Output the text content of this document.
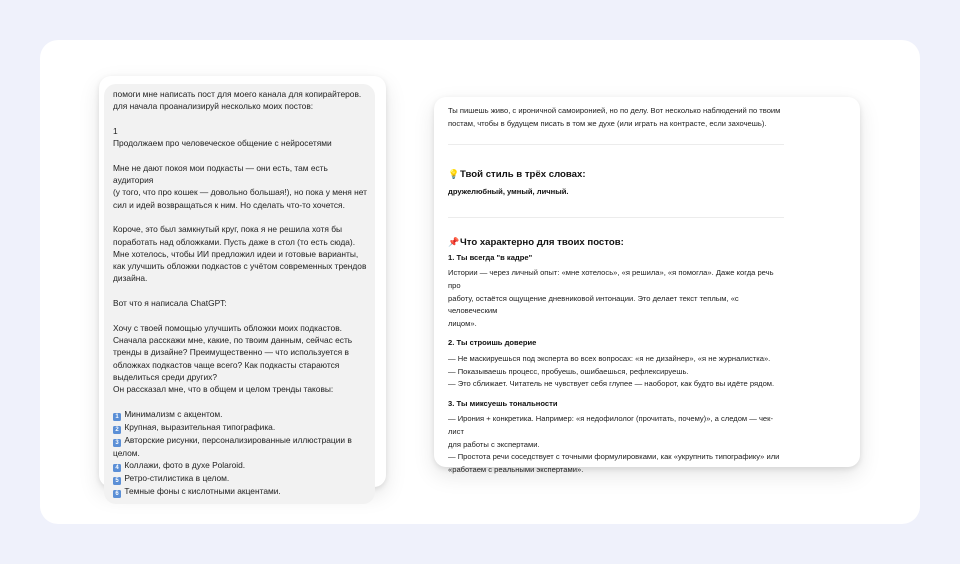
помоги мне написать пост для моего канала для копирайтеров.

для начала проанализируй несколько моих постов:

1

Продолжаем про человеческое общение с нейросетями

Мне не дают покоя мои подкасты — они есть, там есть аудитория

(у того, что про кошек — довольно большая!), но пока у меня нет

сил и идей возвращаться к ним. Но сделать что-то хочется.

Короче, это был замкнутый круг, пока я не решила хотя бы

поработать над обложками. Пусть даже в стол (то есть сюда).

Мне хотелось, чтобы ИИ предложил идеи и готовые варианты,

как улучшить обложки подкастов с учётом современных трендов

дизайна.

Вот что я написала ChatGPT:

Хочу с твоей помощью улучшить обложки моих подкастов.

Сначала расскажи мне, какие, по твоим данным, сейчас есть

тренды в дизайне? Преимущественно — что используется в

обложках подкастов чаще всего? Как подкасты стараются

выделиться среди других?

Он рассказал мне, что в общем и целом тренды таковы:

1 Минимализм с акцентом.

2 Крупная, выразительная типографика.

3 Авторские рисунки, персонализированные иллюстрации в

целом.

4 Коллажи, фото в духе Polaroid.

5 Ретро-стилистика в целом.

6 Темные фоны с кислотными акцентами.

Ты пишешь живо, с ироничной самоиронией, но по делу. Вот несколько наблюдений по твоим

постам, чтобы в будущем писать в том же духе (или играть на контрасте, если захочешь).

💡Твой стиль в трёх словах:

дружелюбный, умный, личный.

📌Что характерно для твоих постов:

1. Ты всегда "в кадре"

Истории — через личный опыт: «мне хотелось», «я решила», «я помогла». Даже когда речь про

работу, остаётся ощущение дневниковой интонации. Это делает текст теплым, «с человеческим

лицом».

2. Ты строишь доверие

— Не маскируешься под эксперта во всех вопросах: «я не дизайнер», «я не журналистка».

— Показываешь процесс, пробуешь, ошибаешься, рефлексируешь.

— Это сближает. Читатель не чувствует себя глупее — наоборот, как будто вы идёте рядом.

3. Ты миксуешь тональности

— Ирония + конкретика. Например: «я недофилолог (прочитать, почему)», а следом — чек-лист

для работы с экспертами.

— Простота речи соседствует с точными формулировками, как «укрупнить типографику» или

«работаем с реальными экспертами».
